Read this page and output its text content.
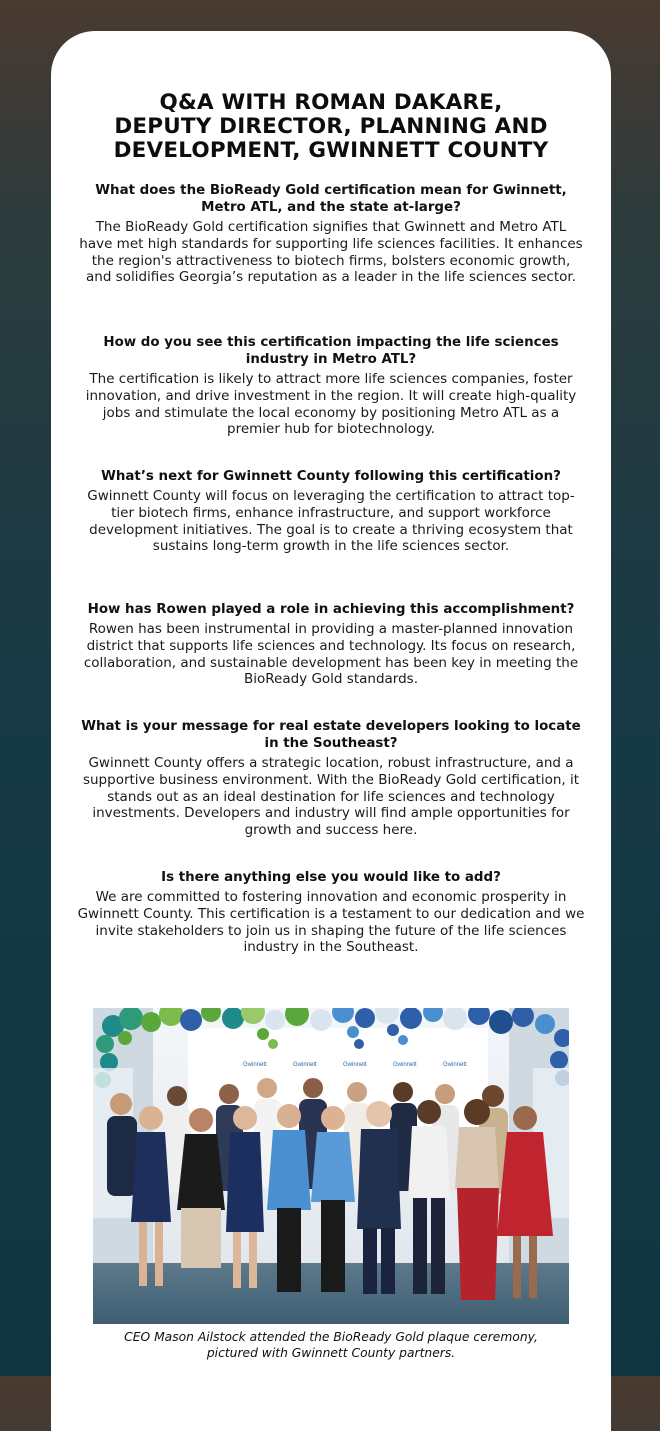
Q&A WITH ROMAN DAKARE,
DEPUTY DIRECTOR, PLANNING AND
DEVELOPMENT, GWINNETT COUNTY

What does the BioReady Gold certification mean for Gwinnett, Metro ATL, and the state at-large?

The BioReady Gold certification signifies that Gwinnett and Metro ATL have met high standards for supporting life sciences facilities. It enhances the region's attractiveness to biotech firms, bolsters economic growth, and solidifies Georgia’s reputation as a leader in the life sciences sector.

How do you see this certification impacting the life sciences industry in Metro ATL?

The certification is likely to attract more life sciences companies, foster innovation, and drive investment in the region. It will create high-quality jobs and stimulate the local economy by positioning Metro ATL as a premier hub for biotechnology.

What’s next for Gwinnett County following this certification?

Gwinnett County will focus on leveraging the certification to attract top-tier biotech firms, enhance infrastructure, and support workforce development initiatives. The goal is to create a thriving ecosystem that sustains long-term growth in the life sciences sector.

How has Rowen played a role in achieving this accomplishment?

Rowen has been instrumental in providing a master-planned innovation district that supports life sciences and technology. Its focus on research, collaboration, and sustainable development has been key in meeting the BioReady Gold standards.

What is your message for real estate developers looking to locate in the Southeast?

Gwinnett County offers a strategic location, robust infrastructure, and a supportive business environment. With the BioReady Gold certification, it stands out as an ideal destination for life sciences and technology investments. Developers and industry will find ample opportunities for growth and success here.

Is there anything else you would like to add?

We are committed to fostering innovation and economic prosperity in Gwinnett County. This certification is a testament to our dedication and we invite stakeholders to join us in shaping the future of the life sciences industry in the Southeast.

Gwinnett	Gwinnett	Gwinnett	Gwinnett	Gwinnett

CEO Mason Ailstock attended the BioReady Gold plaque ceremony,
pictured with Gwinnett County partners.
